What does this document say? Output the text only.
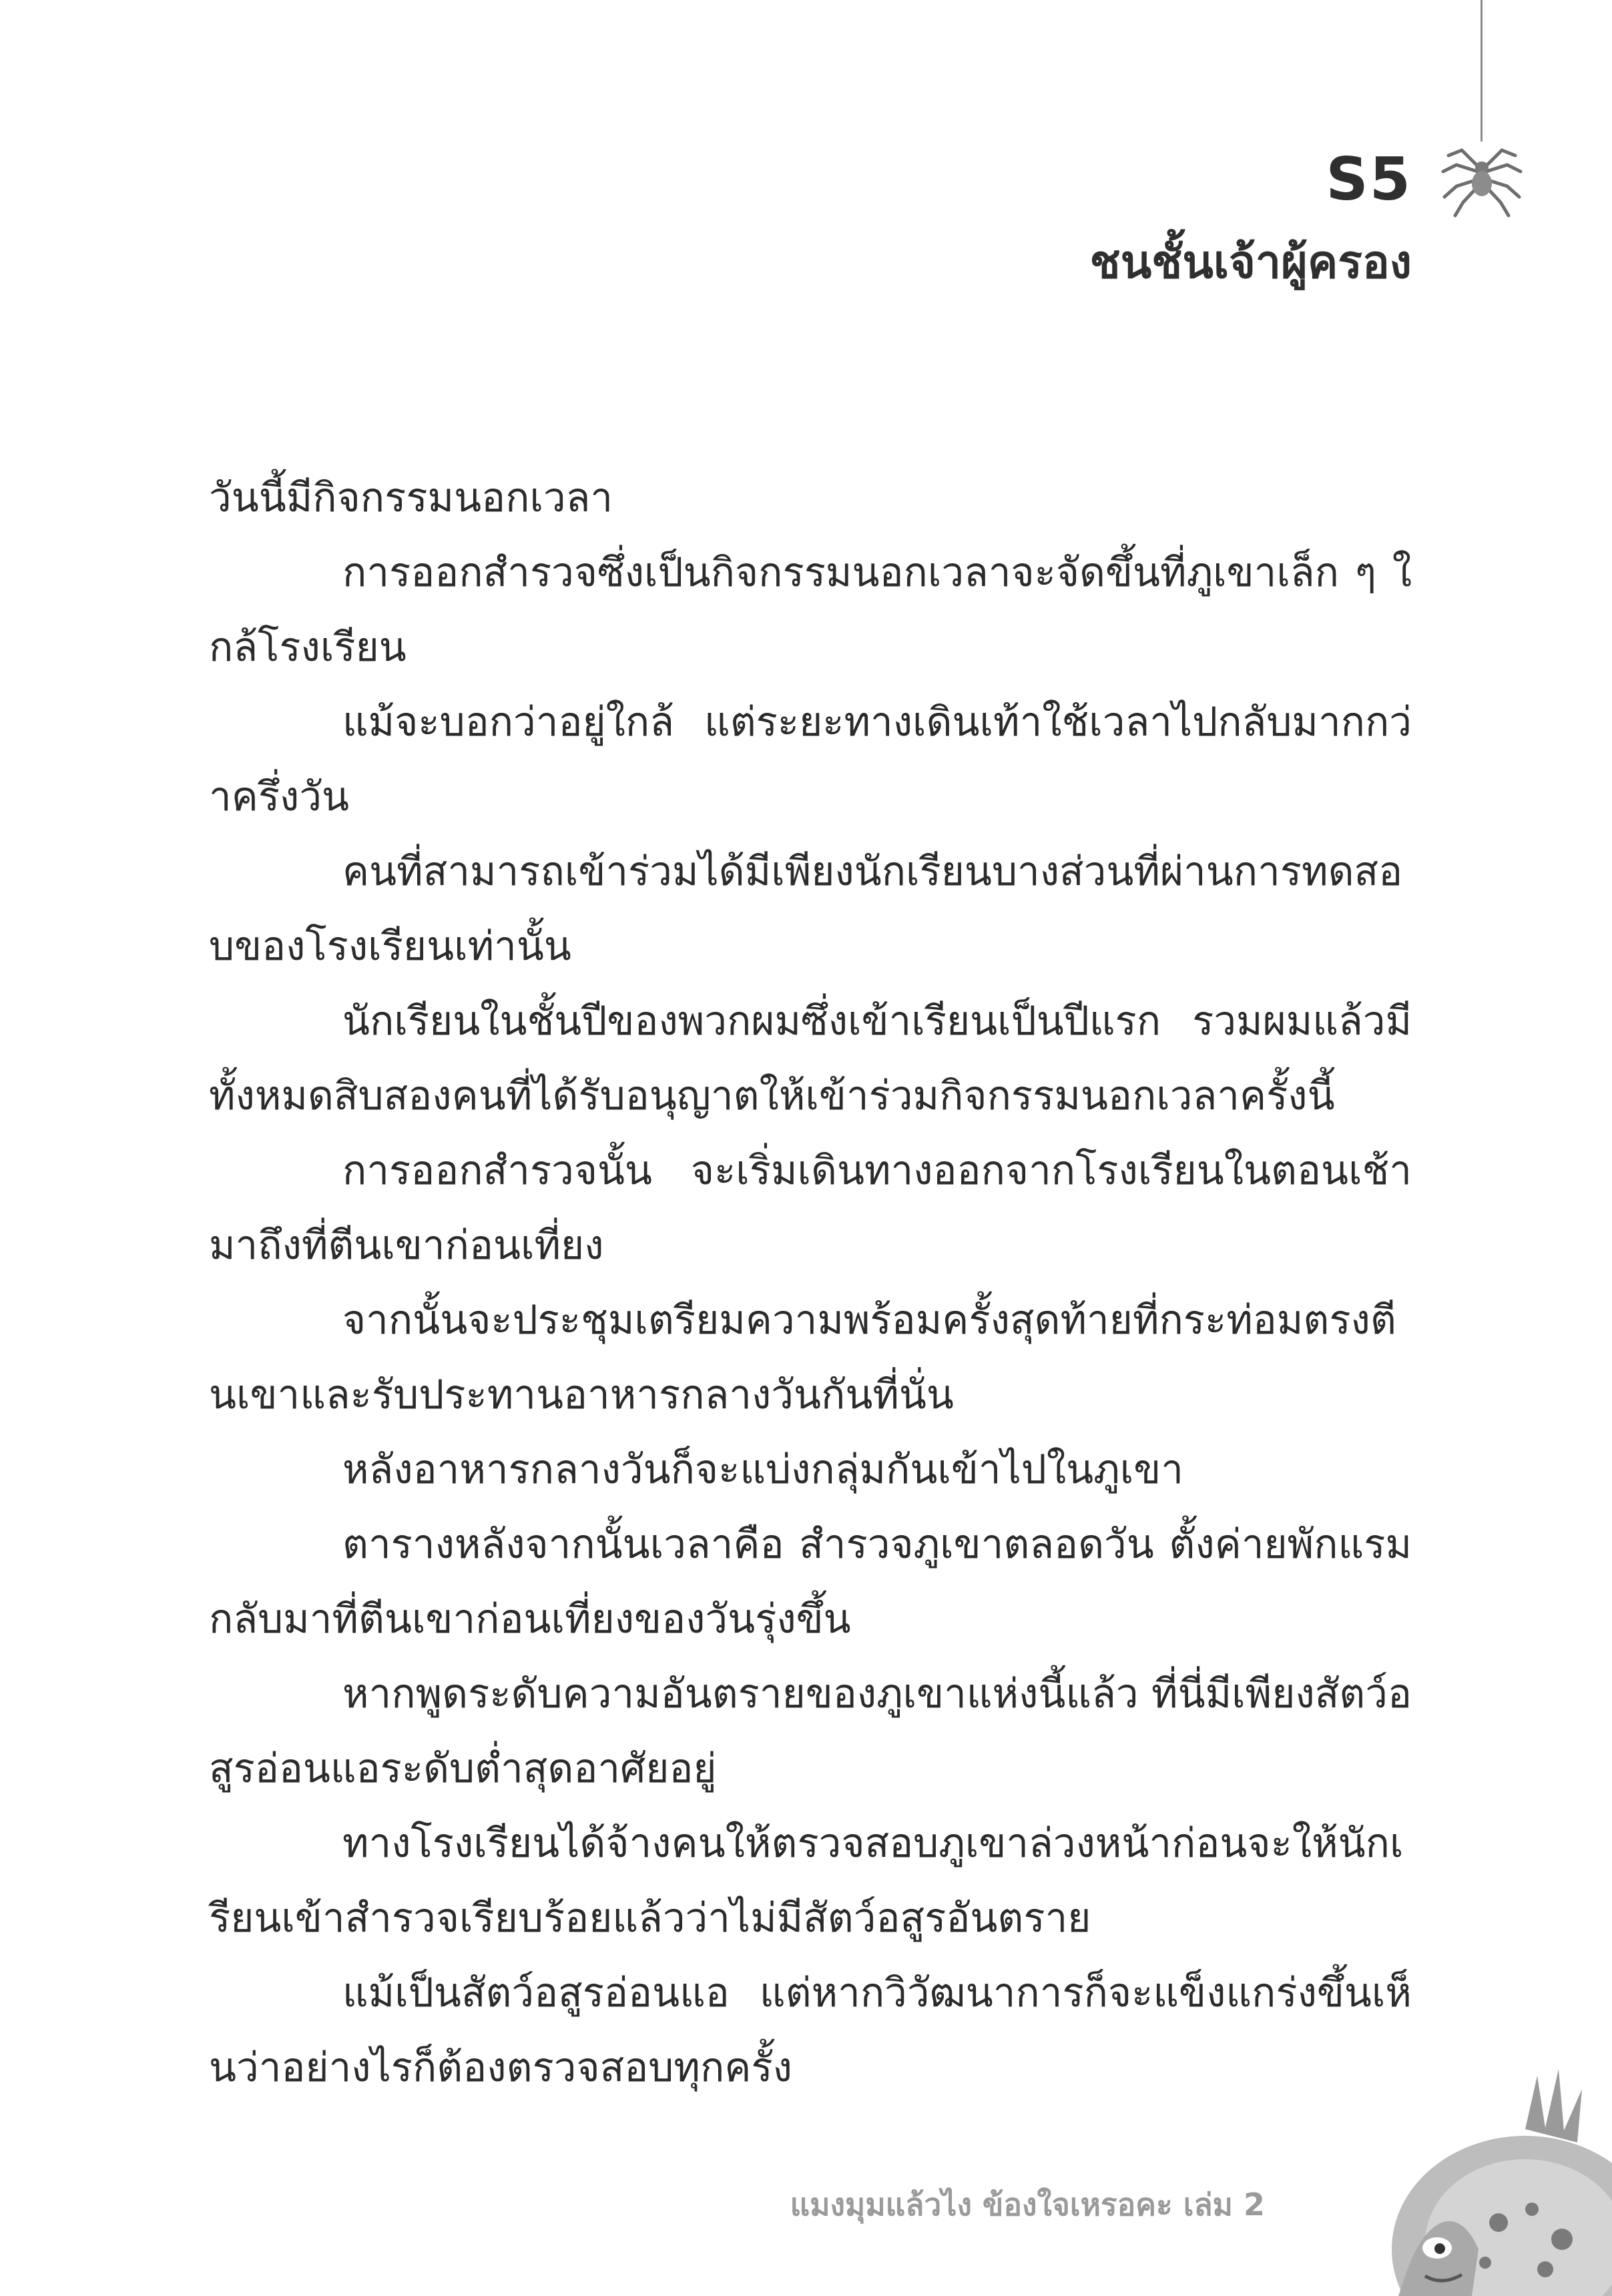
S5
ชนชั้นเจ้าผู้ครอง

วันนี้มีกิจกรรมนอกเวลา

การออกสำรวจซึ่งเป็นกิจกรรมนอกเวลาจะจัดขึ้นที่ภูเขาเล็ก ๆ ใกล้โรงเรียน

แม้จะบอกว่าอยู่ใกล้ แต่ระยะทางเดินเท้าใช้เวลาไปกลับมากกว่าครึ่งวัน

คนที่สามารถเข้าร่วมได้มีเพียงนักเรียนบางส่วนที่ผ่านการทดสอบของโรงเรียนเท่านั้น

นักเรียนในชั้นปีของพวกผมซึ่งเข้าเรียนเป็นปีแรก รวมผมแล้วมีทั้งหมดสิบสองคนที่ได้รับอนุญาตให้เข้าร่วมกิจกรรมนอกเวลาครั้งนี้

การออกสำรวจนั้น จะเริ่มเดินทางออกจากโรงเรียนในตอนเช้า มาถึงที่ตีนเขาก่อนเที่ยง

จากนั้นจะประชุมเตรียมความพร้อมครั้งสุดท้ายที่กระท่อมตรงตีนเขาและรับประทานอาหารกลางวันกันที่นั่น

หลังอาหารกลางวันก็จะแบ่งกลุ่มกันเข้าไปในภูเขา

ตารางหลังจากนั้นเวลาคือ สำรวจภูเขาตลอดวัน ตั้งค่ายพักแรม กลับมาที่ตีนเขาก่อนเที่ยงของวันรุ่งขึ้น

หากพูดระดับความอันตรายของภูเขาแห่งนี้แล้ว ที่นี่มีเพียงสัตว์อสูรอ่อนแอระดับต่ำสุดอาศัยอยู่

ทางโรงเรียนได้จ้างคนให้ตรวจสอบภูเขาล่วงหน้าก่อนจะให้นักเรียนเข้าสำรวจเรียบร้อยแล้วว่าไม่มีสัตว์อสูรอันตราย

แม้เป็นสัตว์อสูรอ่อนแอ แต่หากวิวัฒนาการก็จะแข็งแกร่งขึ้นเห็นว่าอย่างไรก็ต้องตรวจสอบทุกครั้ง

แมงมุมแล้วไง ข้องใจเหรอคะ เล่ม 2
